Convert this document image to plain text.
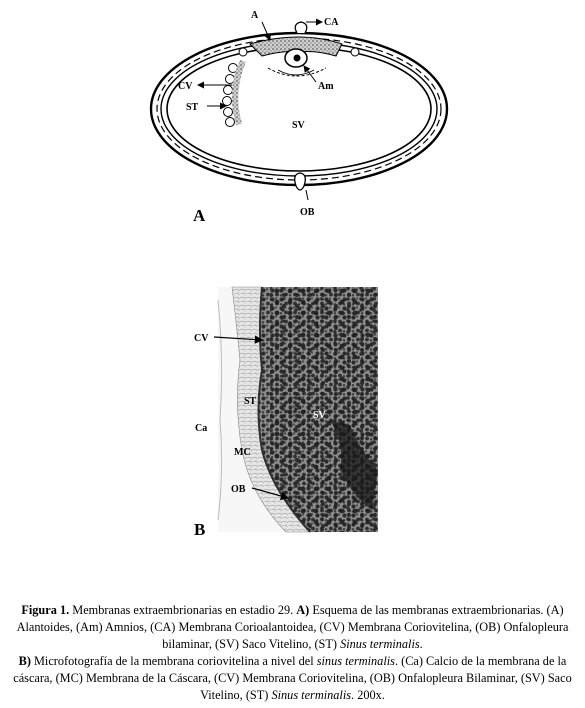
A
CA
Am
CV
ST
SV
OB
A
CV
ST
SV
Ca
MC
OB
B
Figura 1. Membranas extraembrionarias en estadio 29. A) Esquema de las membranas extraembrionarias. (A) Alantoides, (Am) Amnios, (CA) Membrana Corioalantoidea, (CV) Membrana Coriovitelina, (OB) Onfalopleura bilaminar, (SV) Saco Vitelino, (ST) Sinus terminalis.
B) Microfotografía de la membrana coriovitelina a nivel del sinus terminalis. (Ca) Calcio de la membrana de la cáscara, (MC) Membrana de la Cáscara, (CV) Membrana Coriovitelina, (OB) Onfalopleura Bilaminar, (SV) Saco Vitelino, (ST) Sinus terminalis. 200x.
